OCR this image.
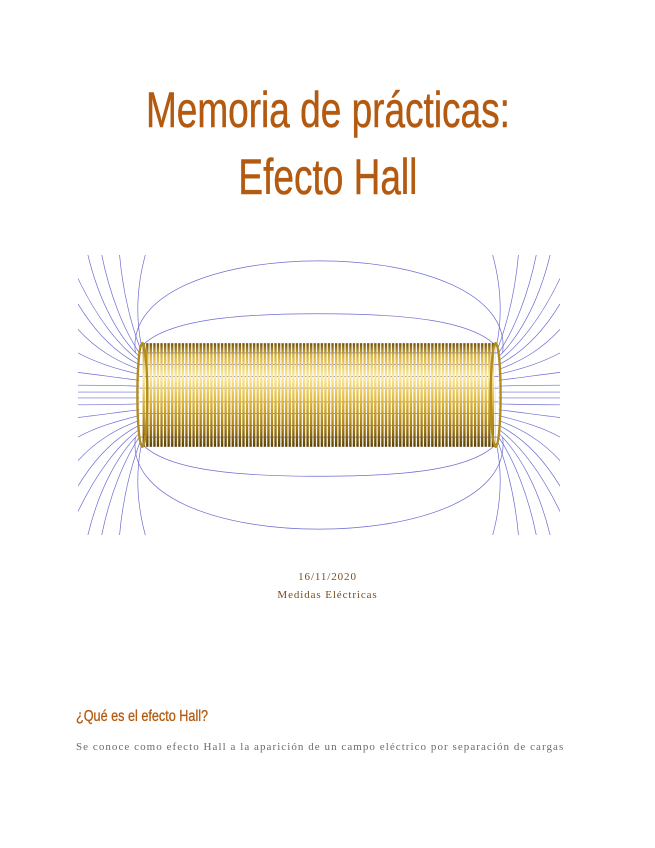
Memoria de prácticas:
Efecto Hall
16/11/2020
Medidas Eléctricas
¿Qué es el efecto Hall?

Se conoce como efecto Hall a la aparición de un campo eléctrico por separación de cargas
